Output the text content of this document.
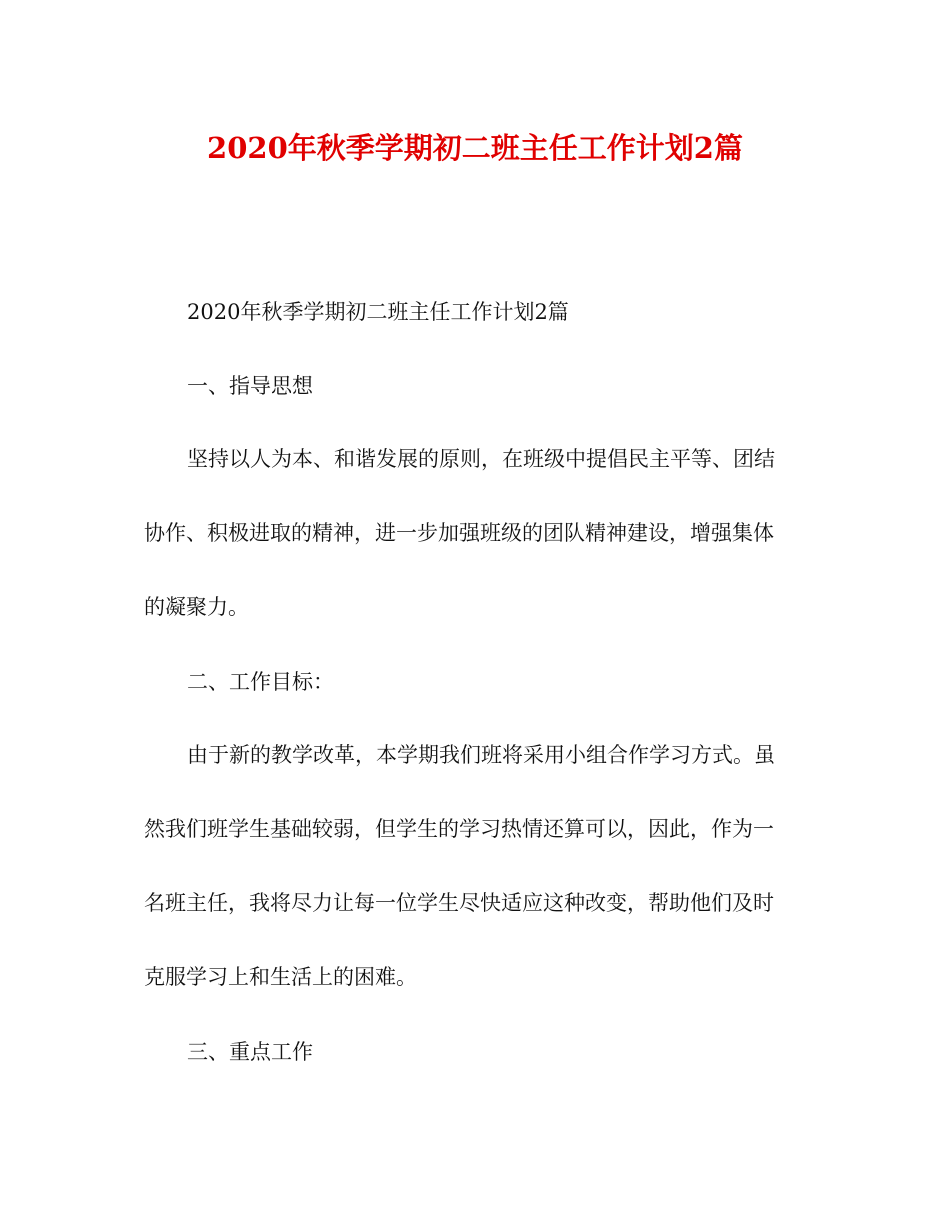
2020年秋季学期初二班主任工作计划2篇

2020年秋季学期初二班主任工作计划2篇

一、指导思想

坚持以人为本、和谐发展的原则，在班级中提倡民主平等、团结
协作、积极进取的精神，进一步加强班级的团队精神建设，增强集体
的凝聚力。

二、工作目标：

由于新的教学改革，本学期我们班将采用小组合作学习方式。虽
然我们班学生基础较弱，但学生的学习热情还算可以，因此，作为一
名班主任，我将尽力让每一位学生尽快适应这种改变，帮助他们及时
克服学习上和生活上的困难。

三、重点工作
